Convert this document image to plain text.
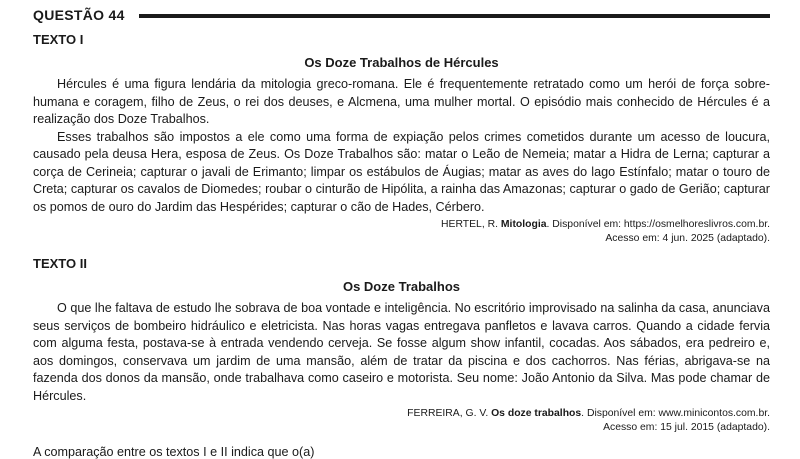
QUESTÃO 44
TEXTO I
Os Doze Trabalhos de Hércules

Hércules é uma figura lendária da mitologia greco-romana. Ele é frequentemente retratado como um herói de força sobre-humana e coragem, filho de Zeus, o rei dos deuses, e Alcmena, uma mulher mortal. O episódio mais conhecido de Hércules é a realização dos Doze Trabalhos.

Esses trabalhos são impostos a ele como uma forma de expiação pelos crimes cometidos durante um acesso de loucura, causado pela deusa Hera, esposa de Zeus. Os Doze Trabalhos são: matar o Leão de Nemeia; matar a Hidra de Lerna; capturar a corça de Cerineia; capturar o javali de Erimanto; limpar os estábulos de Áugias; matar as aves do lago Estínfalo; matar o touro de Creta; capturar os cavalos de Diomedes; roubar o cinturão de Hipólita, a rainha das Amazonas; capturar o gado de Gerião; capturar os pomos de ouro do Jardim das Hespérides; capturar o cão de Hades, Cérbero.

HERTEL, R. Mitologia. Disponível em: https://osmelhoreslivros.com.br.
Acesso em: 4 jun. 2025 (adaptado).
TEXTO II
Os Doze Trabalhos

O que lhe faltava de estudo lhe sobrava de boa vontade e inteligência. No escritório improvisado na salinha da casa, anunciava seus serviços de bombeiro hidráulico e eletricista. Nas horas vagas entregava panfletos e lavava carros. Quando a cidade fervia com alguma festa, postava-se à entrada vendendo cerveja. Se fosse algum show infantil, cocadas. Aos sábados, era pedreiro e, aos domingos, conservava um jardim de uma mansão, além de tratar da piscina e dos cachorros. Nas férias, abrigava-se na fazenda dos donos da mansão, onde trabalhava como caseiro e motorista. Seu nome: João Antonio da Silva. Mas pode chamar de Hércules.

FERREIRA, G. V. Os doze trabalhos. Disponível em: www.minicontos.com.br.
Acesso em: 15 jul. 2015 (adaptado).
A comparação entre os textos I e II indica que o(a)
